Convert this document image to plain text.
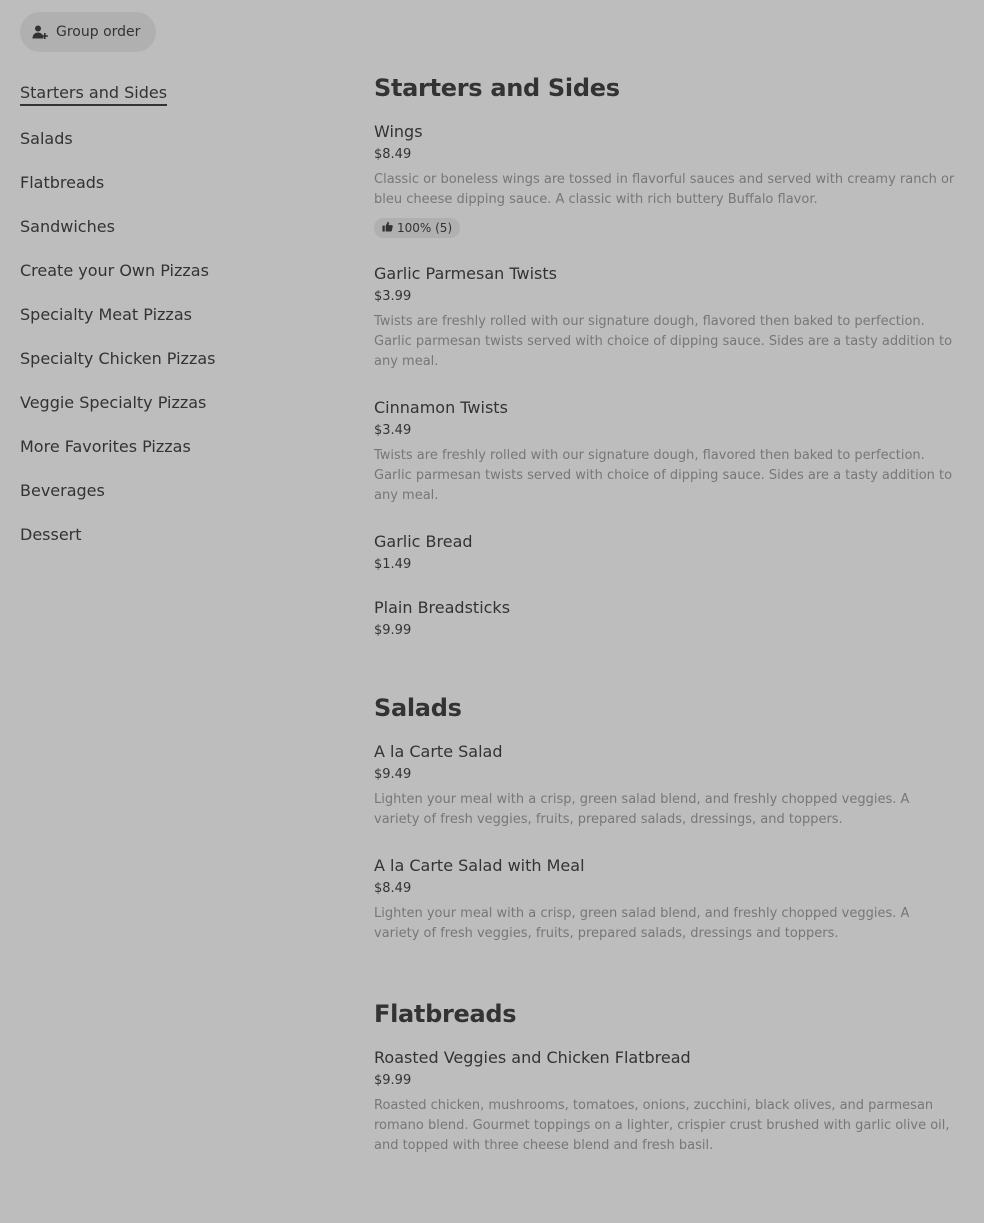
Group order
Starters and Sides
Salads
Flatbreads
Sandwiches
Create your Own Pizzas
Specialty Meat Pizzas
Specialty Chicken Pizzas
Veggie Specialty Pizzas
More Favorites Pizzas
Beverages
Dessert
Starters and Sides
Wings
$8.49
Classic or boneless wings are tossed in flavorful sauces and served with creamy ranch or bleu cheese dipping sauce. A classic with rich buttery Buffalo flavor.
100% (5)
Garlic Parmesan Twists
$3.99
Twists are freshly rolled with our signature dough, flavored then baked to perfection. Garlic parmesan twists served with choice of dipping sauce. Sides are a tasty addition to any meal.
Cinnamon Twists
$3.49
Twists are freshly rolled with our signature dough, flavored then baked to perfection. Garlic parmesan twists served with choice of dipping sauce. Sides are a tasty addition to any meal.
Garlic Bread
$1.49
Plain Breadsticks
$9.99
Salads
A la Carte Salad
$9.49
Lighten your meal with a crisp, green salad blend, and freshly chopped veggies. A variety of fresh veggies, fruits, prepared salads, dressings, and toppers.
A la Carte Salad with Meal
$8.49
Lighten your meal with a crisp, green salad blend, and freshly chopped veggies. A variety of fresh veggies, fruits, prepared salads, dressings and toppers.
Flatbreads
Roasted Veggies and Chicken Flatbread
$9.99
Roasted chicken, mushrooms, tomatoes, onions, zucchini, black olives, and parmesan romano blend. Gourmet toppings on a lighter, crispier crust brushed with garlic olive oil, and topped with three cheese blend and fresh basil.
